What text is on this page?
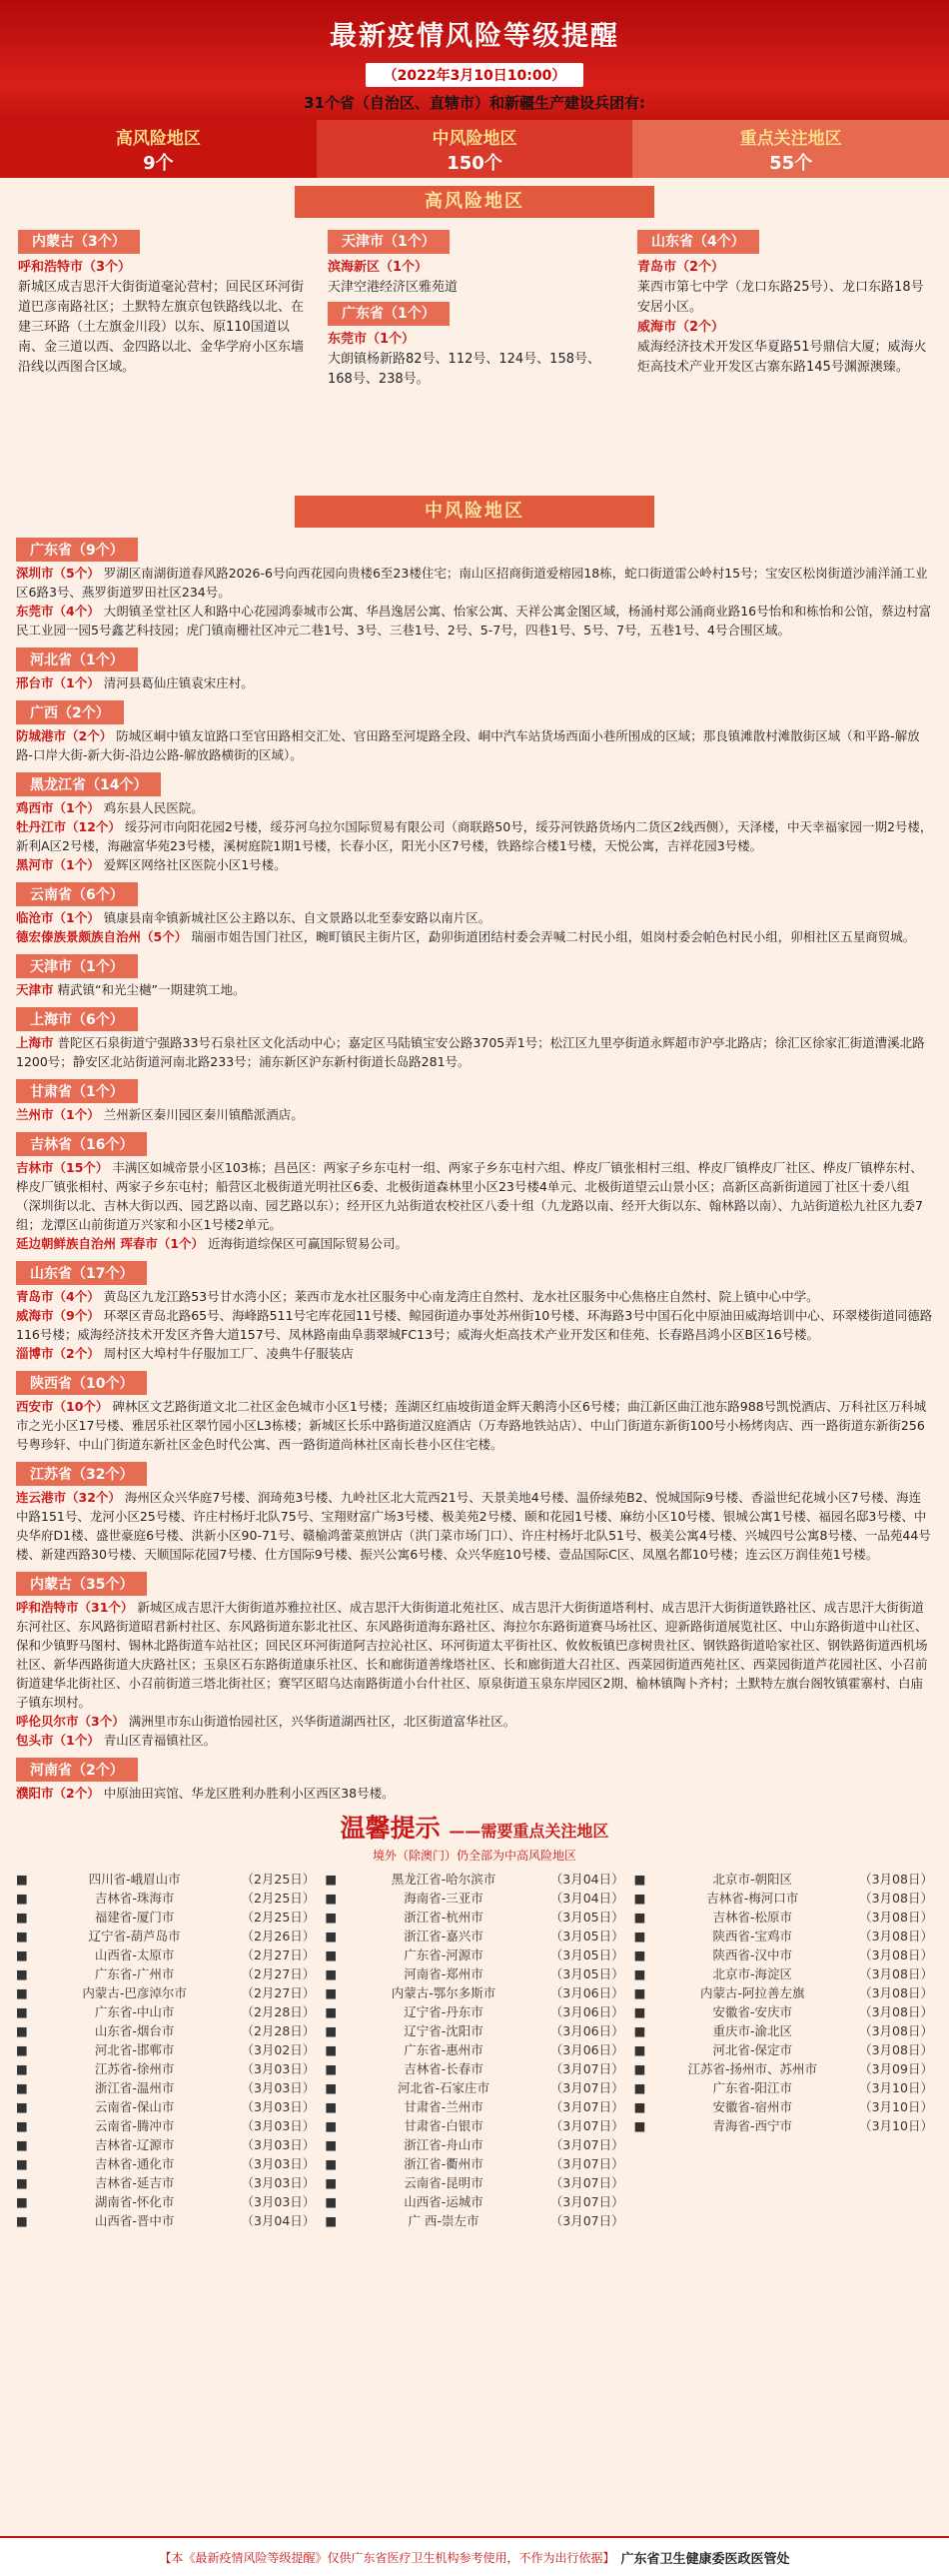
最新疫情风险等级提醒
（2022年3月10日10:00）
31个省（自治区、直辖市）和新疆生产建设兵团有:
高风险地区
9个
中风险地区
150个
重点关注地区
55个
高风险地区
内蒙古（3个）
呼和浩特市（3个）
新城区成吉思汗大街街道毫沁营村；回民区环河街道巴彦南路社区；土默特左旗京包铁路线以北、在建三环路（土左旗金川段）以东、原110国道以南、金三道以西、金四路以北、金华学府小区东墙沿线以西图合区域。
天津市（1个）
滨海新区（1个）
天津空港经济区雅苑道
广东省（1个）
东莞市（1个）
大朗镇杨新路82号、112号、124号、158号、168号、238号。
山东省（4个）
青岛市（2个）
莱西市第七中学（龙口东路25号）、龙口东路18号安居小区。
威海市（2个）
威海经济技术开发区华夏路51号鼎信大厦；威海火炬高技术产业开发区古寨东路145号渊源澳臻。
中风险地区
广东省（9个）
深圳市（5个） 罗湖区南湖街道春风路2026-6号向西花园向贵楼6至23楼住宅；南山区招商街道爱榕园18栋，蛇口街道雷公岭村15号；宝安区松岗街道沙浦洋涌工业区6路3号、燕罗街道罗田社区234号。
东莞市（4个） 大朗镇圣堂社区人和路中心花园鸿泰城市公寓、华昌逸居公寓、怡家公寓、天祥公寓金图区域，杨涌村郑公涌商业路16号怡和和栋怡和公馆，蔡边村富民工业园一园5号鑫艺科技园；虎门镇南栅社区冲元二巷1号、3号、三巷1号、2号、5-7号，四巷1号、5号、7号，五巷1号、4号合围区域。
河北省（1个）
邢台市（1个） 清河县葛仙庄镇袁宋庄村。
广西（2个）
防城港市（2个） 防城区峒中镇友谊路口至官田路相交汇处、官田路至河堤路全段、峒中汽车站货场西面小巷所围成的区域；那良镇滩散村滩散街区域（和平路-解放路-口岸大街-新大街-沿边公路-解放路横街的区域）。
黑龙江省（14个）
鸡西市（1个） 鸡东县人民医院。
牡丹江市（12个） 绥芬河市向阳花园2号楼，绥芬河乌拉尔国际贸易有限公司（商联路50号，绥芬河铁路货场内二货区2线西侧），天泽楼，中天幸福家园一期2号楼，新利A区2号楼，海融富华苑23号楼，溪树庭院1期1号楼，长春小区，阳光小区7号楼，铁路综合楼1号楼，天悦公寓，吉祥花园3号楼。
黑河市（1个） 爱辉区网络社区医院小区1号楼。
云南省（6个）
临沧市（1个） 镇康县南伞镇新城社区公主路以东、自文景路以北至泰安路以南片区。
德宏傣族景颇族自治州（5个） 瑞丽市姐告国门社区，畹町镇民主街片区，勐卯街道团结村委会弄喊二村民小组，姐岗村委会帕色村民小组，卯相社区五星商贸城。
天津市（1个）
天津市 精武镇“和光尘樾”一期建筑工地。
上海市（6个）
上海市 普陀区石泉街道宁强路33号石泉社区文化活动中心；嘉定区马陆镇宝安公路3705弄1号；松江区九里亭街道永辉超市沪亭北路店；徐汇区徐家汇街道漕溪北路1200号；静安区北站街道河南北路233号；浦东新区沪东新村街道长岛路281号。
甘肃省（1个）
兰州市（1个） 兰州新区秦川园区秦川镇酷派酒店。
吉林省（16个）
吉林市（15个） 丰满区如城帝景小区103栋；昌邑区：两家子乡东屯村一组、两家子乡东屯村六组、桦皮厂镇张相村三组、桦皮厂镇桦皮厂社区、桦皮厂镇桦东村、桦皮厂镇张相村、两家子乡东屯村；船营区北极街道光明社区6委、北极街道森林里小区23号楼4单元、北极街道望云山景小区；高新区高新街道园丁社区十委八组（深圳街以北、吉林大街以西、园艺路以南、园艺路以东）；经开区九站街道农校社区八委十组（九龙路以南、经开大街以东、翰林路以南）、九站街道松九社区九委7组；龙潭区山前街道万兴家和小区1号楼2单元。
延边朝鲜族自治州 珲春市（1个） 近海街道综保区可赢国际贸易公司。
山东省（17个）
青岛市（4个） 黄岛区九龙江路53号甘水湾小区；莱西市龙水社区服务中心南龙湾庄自然村、龙水社区服务中心焦格庄自然村、院上镇中心中学。
威海市（9个） 环翠区青岛北路65号、海峰路511号宅库花园11号楼、鲸园街道办事处苏州街10号楼、环海路3号中国石化中原油田威海培训中心、环翠楼街道同德路116号楼；威海经济技术开发区齐鲁大道157号、凤林路南曲阜翡翠城FC13号；威海火炬高技术产业开发区和佳苑、长春路昌鸿小区B区16号楼。
淄博市（2个） 周村区大埠村牛仔服加工厂、凌典牛仔服装店
陕西省（10个）
西安市（10个） 碑林区文艺路街道文北二社区金色城市小区1号楼；莲湖区红庙坡街道金辉天鹅湾小区6号楼；曲江新区曲江池东路988号凯悦酒店、万科社区万科城市之光小区17号楼、雅居乐社区翠竹园小区L3栋楼；新城区长乐中路街道汉庭酒店（万寿路地铁站店）、中山门街道东新街100号小杨烤肉店、西一路街道东新街256号粤珍轩、中山门街道东新社区金色时代公寓、西一路街道尚林社区南长巷小区住宅楼。
江苏省（32个）
连云港市（32个） 海州区众兴华庭7号楼、润琦苑3号楼、九岭社区北大荒西21号、天景美地4号楼、温侨绿苑B2、悦城国际9号楼、香溢世纪花城小区7号楼、海连中路151号、龙河小区25号楼、许庄村杨圩北队75号、宝翔财富广场3号楼、极美苑2号楼、颐和花园1号楼、麻纺小区10号楼、银城公寓1号楼、福园名邸3号楼、中央华府D1楼、盛世豪庭6号楼、洪新小区90-71号、赣榆鸿蕾菜煎饼店（洪门菜市场门口）、许庄村杨圩北队51号、极美公寓4号楼、兴城四号公寓8号楼、一品苑44号楼、新建西路30号楼、天顺国际花园7号楼、仕方国际9号楼、振兴公寓6号楼、众兴华庭10号楼、壹品国际C区、凤凰名都10号楼；连云区万润佳苑1号楼。
内蒙古（35个）
呼和浩特市（31个） 新城区成吉思汗大街街道苏雅拉社区、成吉思汗大街街道北苑社区、成吉思汗大街街道塔利村、成吉思汗大街街道铁路社区、成吉思汗大街街道东河社区、东风路街道昭君新村社区、东风路街道东影北社区、东风路街道海东路社区、海拉尔东路街道赛马场社区、迎新路街道展览社区、中山东路街道中山社区、保和少镇野马图村、锡林北路街道车站社区；回民区环河街道阿吉拉沁社区、环河街道太平街社区、攸攸板镇巴彦树贵社区、钢铁路街道哈家社区、钢铁路街道西机场社区、新华西路街道大庆路社区；玉泉区石东路街道康乐社区、长和廊街道善缘塔社区、长和廊街道大召社区、西菜园街道西苑社区、西菜园街道芦花园社区、小召前街道建华北街社区、小召前街道三塔北街社区；赛罕区昭乌达南路街道小台什社区、原泉街道玉泉东岸园区2期、榆林镇陶卜齐村；土默特左旗台阁牧镇霍寨村、白庙子镇东坝村。
呼伦贝尔市（3个） 满洲里市东山街道怡园社区，兴华街道湖西社区，北区街道富华社区。
包头市（1个） 青山区青福镇社区。
河南省（2个）
濮阳市（2个） 中原油田宾馆、华龙区胜利办胜利小区西区38号楼。
温馨提示 ——需要重点关注地区
境外（除澳门）仍全部为中高风险地区
■	四川省-峨眉山市	（2月25日）
■	吉林省-珠海市	（2月25日）
■	福建省-厦门市	（2月25日）
■	辽宁省-葫芦岛市	（2月26日）
■	山西省-太原市	（2月27日）
■	广东省-广州市	（2月27日）
■	内蒙古-巴彦淖尔市	（2月27日）
■	广东省-中山市	（2月28日）
■	山东省-烟台市	（2月28日）
■	河北省-邯郸市	（3月02日）
■	江苏省-徐州市	（3月03日）
■	浙江省-温州市	（3月03日）
■	云南省-保山市	（3月03日）
■	云南省-腾冲市	（3月03日）
■	吉林省-辽源市	（3月03日）
■	吉林省-通化市	（3月03日）
■	吉林省-延吉市	（3月03日）
■	湖南省-怀化市	（3月03日）
■	山西省-晋中市	（3月04日）
■	黑龙江省-哈尔滨市	（3月04日）
■	海南省-三亚市	（3月04日）
■	浙江省-杭州市	（3月05日）
■	浙江省-嘉兴市	（3月05日）
■	广东省-河源市	（3月05日）
■	河南省-郑州市	（3月05日）
■	内蒙古-鄂尔多斯市	（3月06日）
■	辽宁省-丹东市	（3月06日）
■	辽宁省-沈阳市	（3月06日）
■	广东省-惠州市	（3月06日）
■	吉林省-长春市	（3月07日）
■	河北省-石家庄市	（3月07日）
■	甘肃省-兰州市	（3月07日）
■	甘肃省-白银市	（3月07日）
■	浙江省-舟山市	（3月07日）
■	浙江省-衢州市	（3月07日）
■	云南省-昆明市	（3月07日）
■	山西省-运城市	（3月07日）
■	广 西-崇左市	（3月07日）
■	北京市-朝阳区	（3月08日）
■	吉林省-梅河口市	（3月08日）
■	吉林省-松原市	（3月08日）
■	陕西省-宝鸡市	（3月08日）
■	陕西省-汉中市	（3月08日）
■	北京市-海淀区	（3月08日）
■	内蒙古-阿拉善左旗	（3月08日）
■	安徽省-安庆市	（3月08日）
■	重庆市-渝北区	（3月08日）
■	河北省-保定市	（3月08日）
■	江苏省-扬州市、苏州市	（3月09日）
■	广东省-阳江市	（3月10日）
■	安徽省-宿州市	（3月10日）
■	青海省-西宁市	（3月10日）
【本《最新疫情风险等级提醒》仅供广东省医疗卫生机构参考使用，不作为出行依据】 广东省卫生健康委医政医管处
